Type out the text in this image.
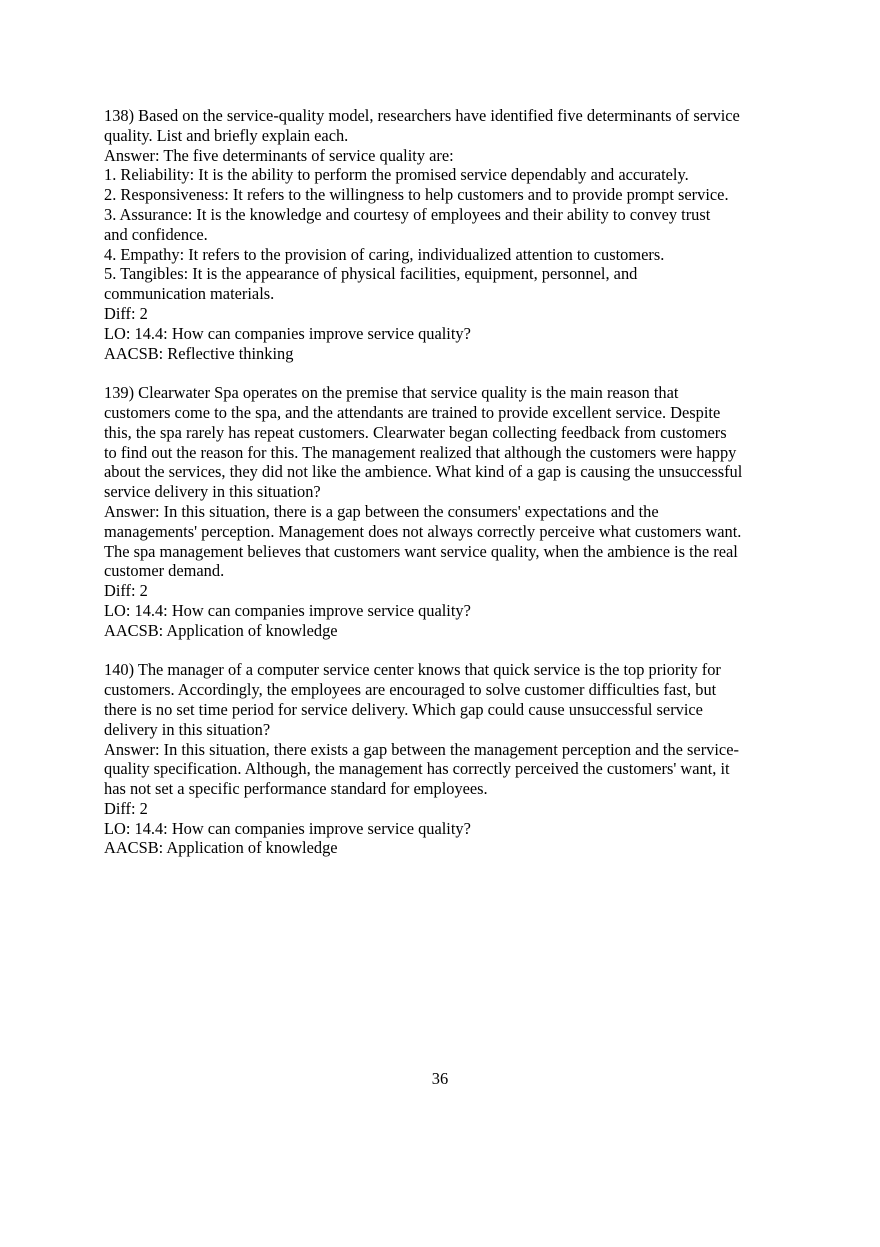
138) Based on the service-quality model, researchers have identified five determinants of service
quality. List and briefly explain each.
Answer: The five determinants of service quality are:
1. Reliability: It is the ability to perform the promised service dependably and accurately.
2. Responsiveness: It refers to the willingness to help customers and to provide prompt service.
3. Assurance: It is the knowledge and courtesy of employees and their ability to convey trust
and confidence.
4. Empathy: It refers to the provision of caring, individualized attention to customers.
5. Tangibles: It is the appearance of physical facilities, equipment, personnel, and
communication materials.
Diff: 2
LO: 14.4: How can companies improve service quality?
AACSB: Reflective thinking
139) Clearwater Spa operates on the premise that service quality is the main reason that
customers come to the spa, and the attendants are trained to provide excellent service. Despite
this, the spa rarely has repeat customers. Clearwater began collecting feedback from customers
to find out the reason for this. The management realized that although the customers were happy
about the services, they did not like the ambience. What kind of a gap is causing the unsuccessful
service delivery in this situation?
Answer: In this situation, there is a gap between the consumers' expectations and the
managements' perception. Management does not always correctly perceive what customers want.
The spa management believes that customers want service quality, when the ambience is the real
customer demand.
Diff: 2
LO: 14.4: How can companies improve service quality?
AACSB: Application of knowledge
140) The manager of a computer service center knows that quick service is the top priority for
customers. Accordingly, the employees are encouraged to solve customer difficulties fast, but
there is no set time period for service delivery. Which gap could cause unsuccessful service
delivery in this situation?
Answer: In this situation, there exists a gap between the management perception and the service-
quality specification. Although, the management has correctly perceived the customers' want, it
has not set a specific performance standard for employees.
Diff: 2
LO: 14.4: How can companies improve service quality?
AACSB: Application of knowledge
36
